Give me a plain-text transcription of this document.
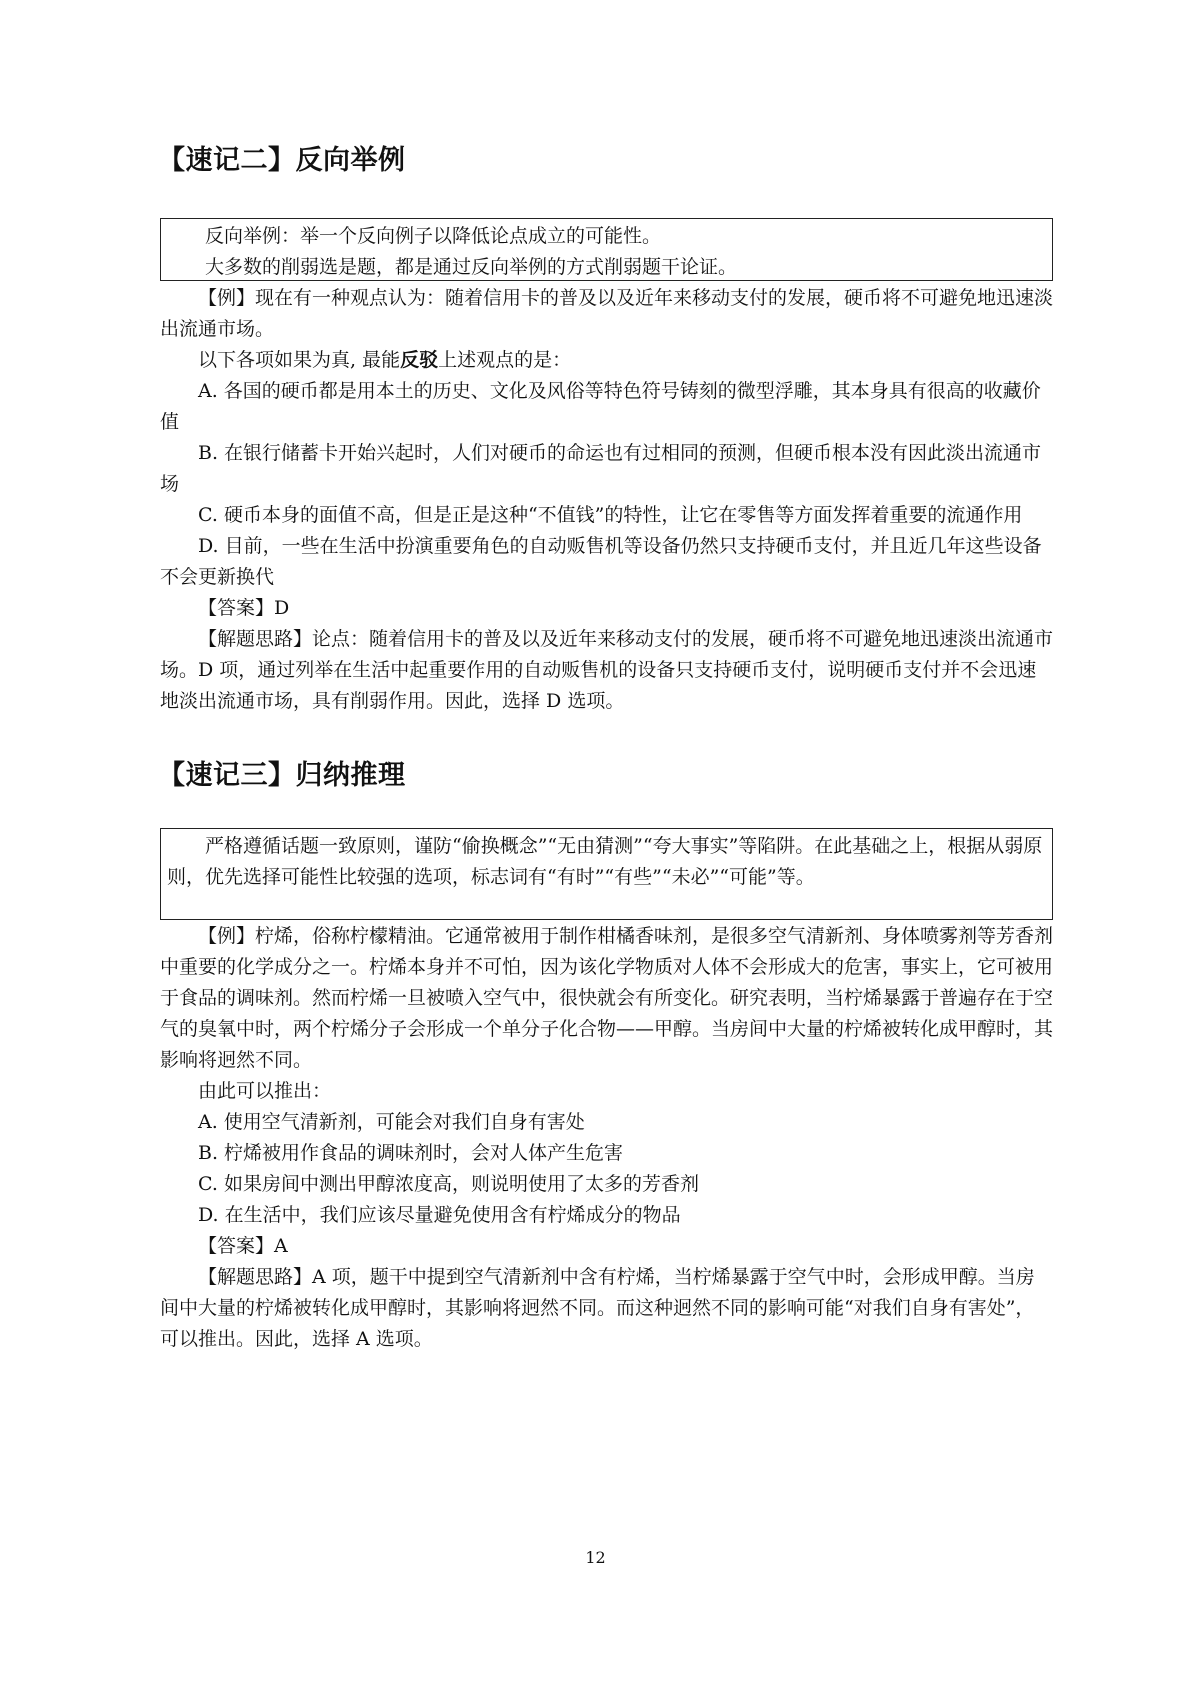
【速记二】反向举例

反向举例：举一个反向例子以降低论点成立的可能性。

大多数的削弱选是题，都是通过反向举例的方式削弱题干论证。

【例】现在有一种观点认为：随着信用卡的普及以及近年来移动支付的发展，硬币将不可避免地迅速淡出流通市场。

以下各项如果为真, 最能反驳上述观点的是：

A. 各国的硬币都是用本土的历史、文化及风俗等特色符号铸刻的微型浮雕，其本身具有很高的收藏价值

B. 在银行储蓄卡开始兴起时，人们对硬币的命运也有过相同的预测，但硬币根本没有因此淡出流通市场

C. 硬币本身的面值不高，但是正是这种“不值钱”的特性，让它在零售等方面发挥着重要的流通作用

D. 目前，一些在生活中扮演重要角色的自动贩售机等设备仍然只支持硬币支付，并且近几年这些设备不会更新换代

【答案】D

【解题思路】论点：随着信用卡的普及以及近年来移动支付的发展，硬币将不可避免地迅速淡出流通市场。D 项，通过列举在生活中起重要作用的自动贩售机的设备只支持硬币支付，说明硬币支付并不会迅速地淡出流通市场，具有削弱作用。因此，选择 D 选项。

【速记三】归纳推理

严格遵循话题一致原则，谨防“偷换概念”“无由猜测”“夸大事实”等陷阱。在此基础之上，根据从弱原则，优先选择可能性比较强的选项，标志词有“有时”“有些”“未必”“可能”等。

【例】柠烯，俗称柠檬精油。它通常被用于制作柑橘香味剂，是很多空气清新剂、身体喷雾剂等芳香剂中重要的化学成分之一。柠烯本身并不可怕，因为该化学物质对人体不会形成大的危害，事实上，它可被用于食品的调味剂。然而柠烯一旦被喷入空气中，很快就会有所变化。研究表明，当柠烯暴露于普遍存在于空气的臭氧中时，两个柠烯分子会形成一个单分子化合物——甲醇。当房间中大量的柠烯被转化成甲醇时，其影响将迥然不同。

由此可以推出：

A. 使用空气清新剂，可能会对我们自身有害处

B. 柠烯被用作食品的调味剂时，会对人体产生危害

C. 如果房间中测出甲醇浓度高，则说明使用了太多的芳香剂

D. 在生活中，我们应该尽量避免使用含有柠烯成分的物品

【答案】A

【解题思路】A 项，题干中提到空气清新剂中含有柠烯，当柠烯暴露于空气中时，会形成甲醇。当房间中大量的柠烯被转化成甲醇时，其影响将迥然不同。而这种迥然不同的影响可能“对我们自身有害处”，可以推出。因此，选择 A 选项。

12
